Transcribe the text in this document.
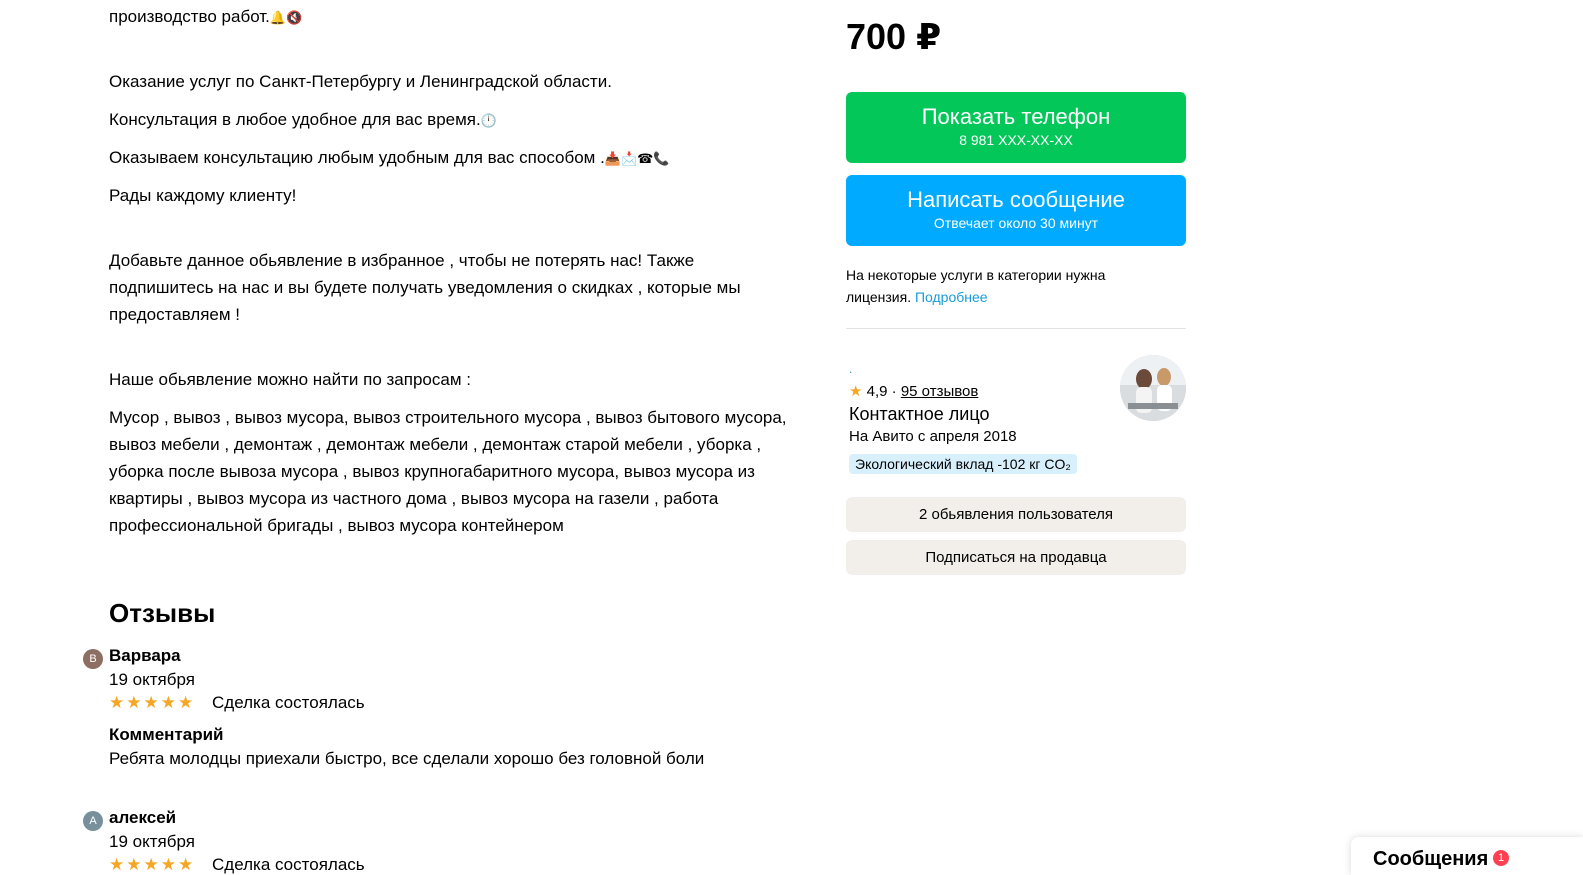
производство работ.🔔🔇

Оказание услуг по Санкт-Петербургу и Ленинградской области.

Консультация в любое удобное для вас время.🕛

Оказываем консультацию любым удобным для вас способом .📥📩☎📞

Рады каждому клиенту!

Добавьте данное обьявление в избранное , чтобы не потерять нас! Также подпишитесь на нас и вы будете получать уведомления о скидках , которые мы предоставляем !

Наше обьявление можно найти по запросам :

Мусор , вывоз , вывоз мусора, вывоз строительного мусора , вывоз бытового мусора, вывоз мебели , демонтаж , демонтаж мебели , демонтаж старой мебели , уборка , уборка после вывоза мусора , вывоз крупногабаритного мусора, вывоз мусора из квартиры , вывоз мусора из частного дома , вывоз мусора на газели , работа профессиональной бригады , вывоз мусора контейнером

Отзывы
В Варвара
19 октября
★★★★★ Сделка состоялась
Комментарий
Ребята молодцы приехали быстро, все сделали хорошо без головной боли
А алексей
19 октября
★★★★★ Сделка состоялась
700 ₽
Показать телефон
8 981 XXX-XX-XX
Написать сообщение
Отвечает около 30 минут
На некоторые услуги в категории нужна лицензия. Подробнее
.
★ 4,9 · 95 отзывов
Контактное лицо
На Авито с апреля 2018
Экологический вклад -102 кг CO₂
2 обьявления пользователя
Подписаться на продавца
Сообщения 1
